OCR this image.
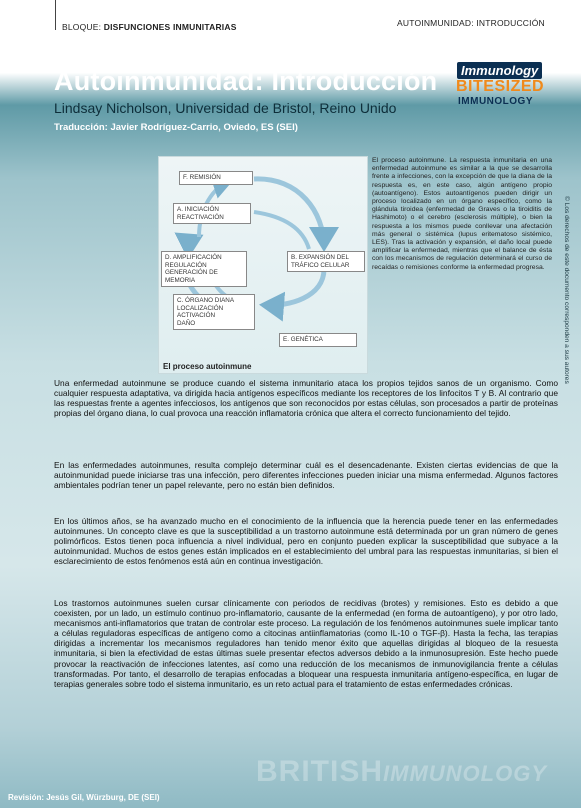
BLOQUE: DISFUNCIONES INMUNITARIAS	AUTOINMUNIDAD: INTRODUCCIÓN
British Society for
Immunology
BITESIZED
IMMUNOLOGY
Autoinmunidad: Introducción
Lindsay Nicholson, Universidad de Bristol, Reino Unido
Traducción: Javier Rodríguez-Carrio, Oviedo, ES (SEI)
F. REMISIÓN
A. INICIACIÓN
REACTIVACIÓN
D. AMPLIFICACIÓN
REGULACIÓN
GENERACIÓN DE MEMORIA
B. EXPANSIÓN DEL
TRÁFICO CELULAR
C. ÓRGANO DIANA
LOCALIZACIÓN
ACTIVACIÓN
DAÑO
E. GENÉTICA
El proceso autoinmune
El proceso autoinmune. La respuesta inmunitaria en una enfermedad autoinmune es similar a la que se desarrolla frente a infecciones, con la excepción de que la diana de la respuesta es, en este caso, algún antígeno propio (autoantígeno). Estos autoantígenos pueden dirigir un proceso localizado en un órgano específico, como la glándula tiroidea (enfermedad de Graves o la tiroiditis de Hashimoto) o el cerebro (esclerosis múltiple), o bien la respuesta a los mismos puede conllevar una afectación más general o sistémica (lupus eritematoso sistémico, LES). Tras la activación y expansión, el daño local puede amplificar la enfermedad, mientras que el balance de ésta con los mecanismos de regulación determinará el curso de recaídas o remisiones conforme la enfermedad progresa.	© Los derechos de este documento corresponden a sus autores
Una enfermedad autoinmune se produce cuando el sistema inmunitario ataca los propios tejidos sanos de un organismo. Como cualquier respuesta adaptativa, va dirigida hacia antígenos específicos mediante los receptores de los linfocitos T y B. Al contrario que las respuestas frente a agentes infecciosos, los antígenos que son reconocidos por estas células, son procesados a partir de proteínas propias del órgano diana, lo cual provoca una reacción inflamatoria crónica que altera el correcto funcionamiento del tejido.
En las enfermedades autoinmunes, resulta complejo determinar cuál es el desencadenante. Existen ciertas evidencias de que la autoinmunidad puede iniciarse tras una infección, pero diferentes infecciones pueden iniciar una misma enfermedad. Algunos factores ambientales podrían tener un papel relevante, pero no están bien definidos.
En los últimos años, se ha avanzado mucho en el conocimiento de la influencia que la herencia puede tener en las enfermedades autoinmunes. Un concepto clave es que la susceptibilidad a un trastorno autoinmune está determinada por un gran número de genes polimórficos. Estos tienen poca influencia a nivel individual, pero en conjunto pueden explicar la susceptibilidad que subyace a la autoinmunidad. Muchos de estos genes están implicados en el establecimiento del umbral para las respuestas inmunitarias, si bien el esclarecimiento de estos fenómenos está aún en continua investigación.
Los trastornos autoinmunes suelen cursar clínicamente con periodos de recidivas (brotes) y remisiones. Esto es debido a que coexisten, por un lado, un estímulo continuo pro-inflamatorio, causante de la enfermedad (en forma de autoantígeno), y por otro lado, mecanismos anti-inflamatorios que tratan de controlar este proceso. La regulación de los fenómenos autoinmunes suele implicar tanto a células reguladoras específicas de antígeno como a citocinas antiinflamatorias (como IL-10 o TGF-β). Hasta la fecha, las terapias dirigidas a incrementar los mecanismos reguladores han tenido menor éxito que aquellas dirigidas al bloqueo de la resuesta inmunitaria, si bien la efectividad de estas últimas suele presentar efectos adversos debido a la inmunosupresión. Este hecho puede provocar la reactivación de infecciones latentes, así como una reducción de los mecanismos de inmunovigilancia frente a células transformadas. Por tanto, el desarrollo de terapias enfocadas a bloquear una respuesta inmunitaria antígeno-específica, en lugar de terapias generales sobre todo el sistema inmunitario, es un reto actual para el tratamiento de estas enfermedades crónicas.
BRITISHIMMUNOLOGY
Revisión: Jesús Gil, Würzburg, DE (SEI)
